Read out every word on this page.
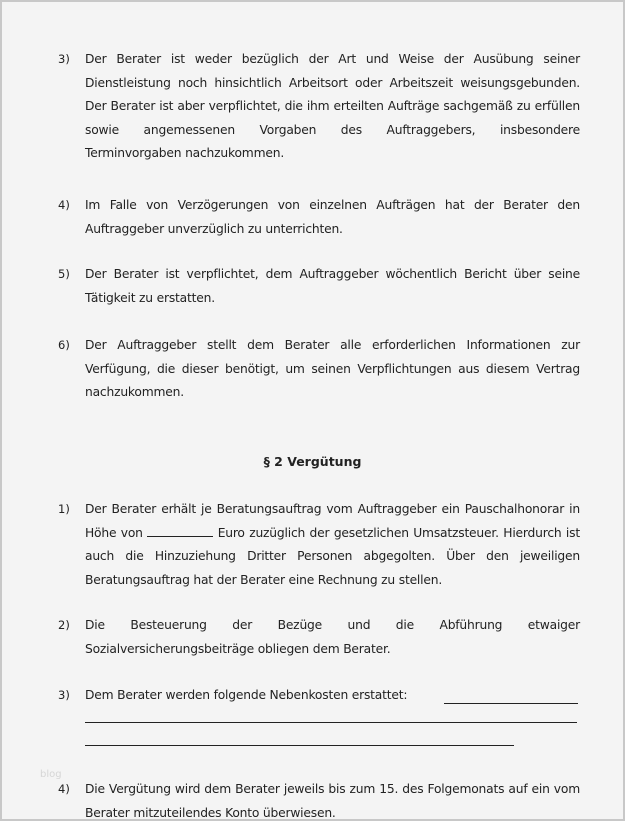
3) Der Berater ist weder bezüglich der Art und Weise der Ausübung seiner
Dienstleistung noch hinsichtlich Arbeitsort oder Arbeitszeit weisungsgebunden.
Der Berater ist aber verpflichtet, die ihm erteilten Aufträge sachgemäß zu erfüllen
sowie angemessenen Vorgaben des Auftraggebers, insbesondere
Terminvorgaben nachzukommen.
4) Im Falle von Verzögerungen von einzelnen Aufträgen hat der Berater den
Auftraggeber unverzüglich zu unterrichten.
5) Der Berater ist verpflichtet, dem Auftraggeber wöchentlich Bericht über seine
Tätigkeit zu erstatten.
6) Der Auftraggeber stellt dem Berater alle erforderlichen Informationen zur
Verfügung, die dieser benötigt, um seinen Verpflichtungen aus diesem Vertrag
nachzukommen.
§ 2 Vergütung
1) Der Berater erhält je Beratungsauftrag vom Auftraggeber ein Pauschalhonorar in
Höhe von	Euro zuzüglich der gesetzlichen Umsatzsteuer. Hierdurch ist
auch die Hinzuziehung Dritter Personen abgegolten. Über den jeweiligen
Beratungsauftrag hat der Berater eine Rechnung zu stellen.
2) Die Besteuerung der Bezüge und die Abführung etwaiger
Sozialversicherungsbeiträge obliegen dem Berater.
3) Dem Berater werden folgende Nebenkosten erstattet:
blog
4) Die Vergütung wird dem Berater jeweils bis zum 15. des Folgemonats auf ein vom
Berater mitzuteilendes Konto überwiesen.
